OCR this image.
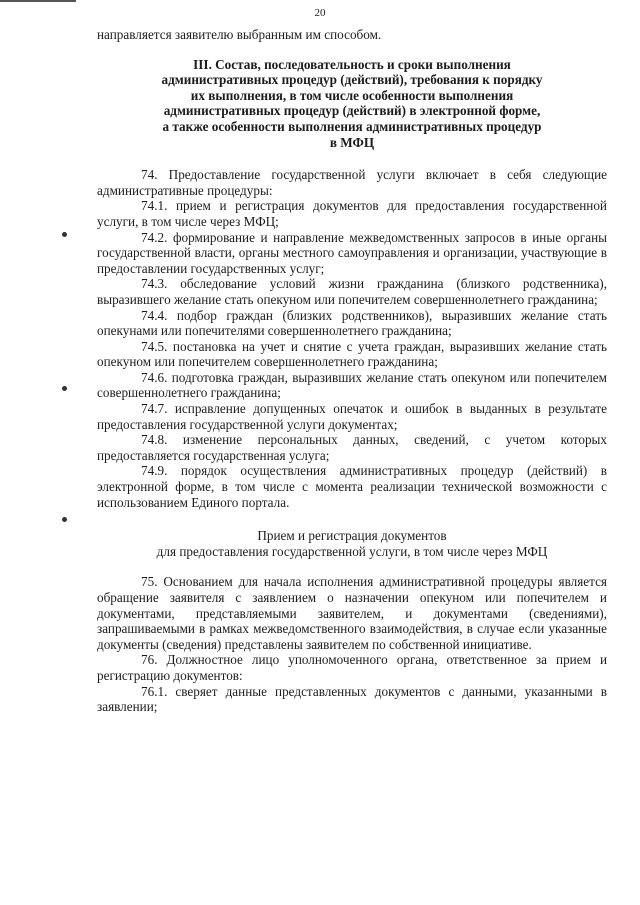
20

направляется заявителю выбранным им способом.

III. Состав, последовательность и сроки выполнения
административных процедур (действий), требования к порядку
их выполнения, в том числе особенности выполнения
административных процедур (действий) в электронной форме,
а также особенности выполнения административных процедур
в МФЦ

74. Предоставление государственной услуги включает в себя следующие административные процедуры:

74.1. прием и регистрация документов для предоставления государственной услуги, в том числе через МФЦ;

74.2. формирование и направление межведомственных запросов в иные органы государственной власти, органы местного самоуправления и организации, участвующие в предоставлении государственных услуг;

74.3. обследование условий жизни гражданина (близкого родственника), выразившего желание стать опекуном или попечителем совершеннолетнего гражданина;

74.4. подбор граждан (близких родственников), выразивших желание стать опекунами или попечителями совершеннолетнего гражданина;

74.5. постановка на учет и снятие с учета граждан, выразивших желание стать опекуном или попечителем совершеннолетнего гражданина;

74.6. подготовка граждан, выразивших желание стать опекуном или попечителем совершеннолетнего гражданина;

74.7. исправление допущенных опечаток и ошибок в выданных в результате предоставления государственной услуги документах;

74.8. изменение персональных данных, сведений, с учетом которых предоставляется государственная услуга;

74.9. порядок осуществления административных процедур (действий) в электронной форме, в том числе с момента реализации технической возможности с использованием Единого портала.

Прием и регистрация документов
для предоставления государственной услуги, в том числе через МФЦ

75. Основанием для начала исполнения административной процедуры является обращение заявителя с заявлением о назначении опекуном или попечителем и документами, представляемыми заявителем, и документами (сведениями), запрашиваемыми в рамках межведомственного взаимодействия, в случае если указанные документы (сведения) представлены заявителем по собственной инициативе.

76. Должностное лицо уполномоченного органа, ответственное за прием и регистрацию документов:

76.1. сверяет данные представленных документов с данными, указанными в заявлении;
